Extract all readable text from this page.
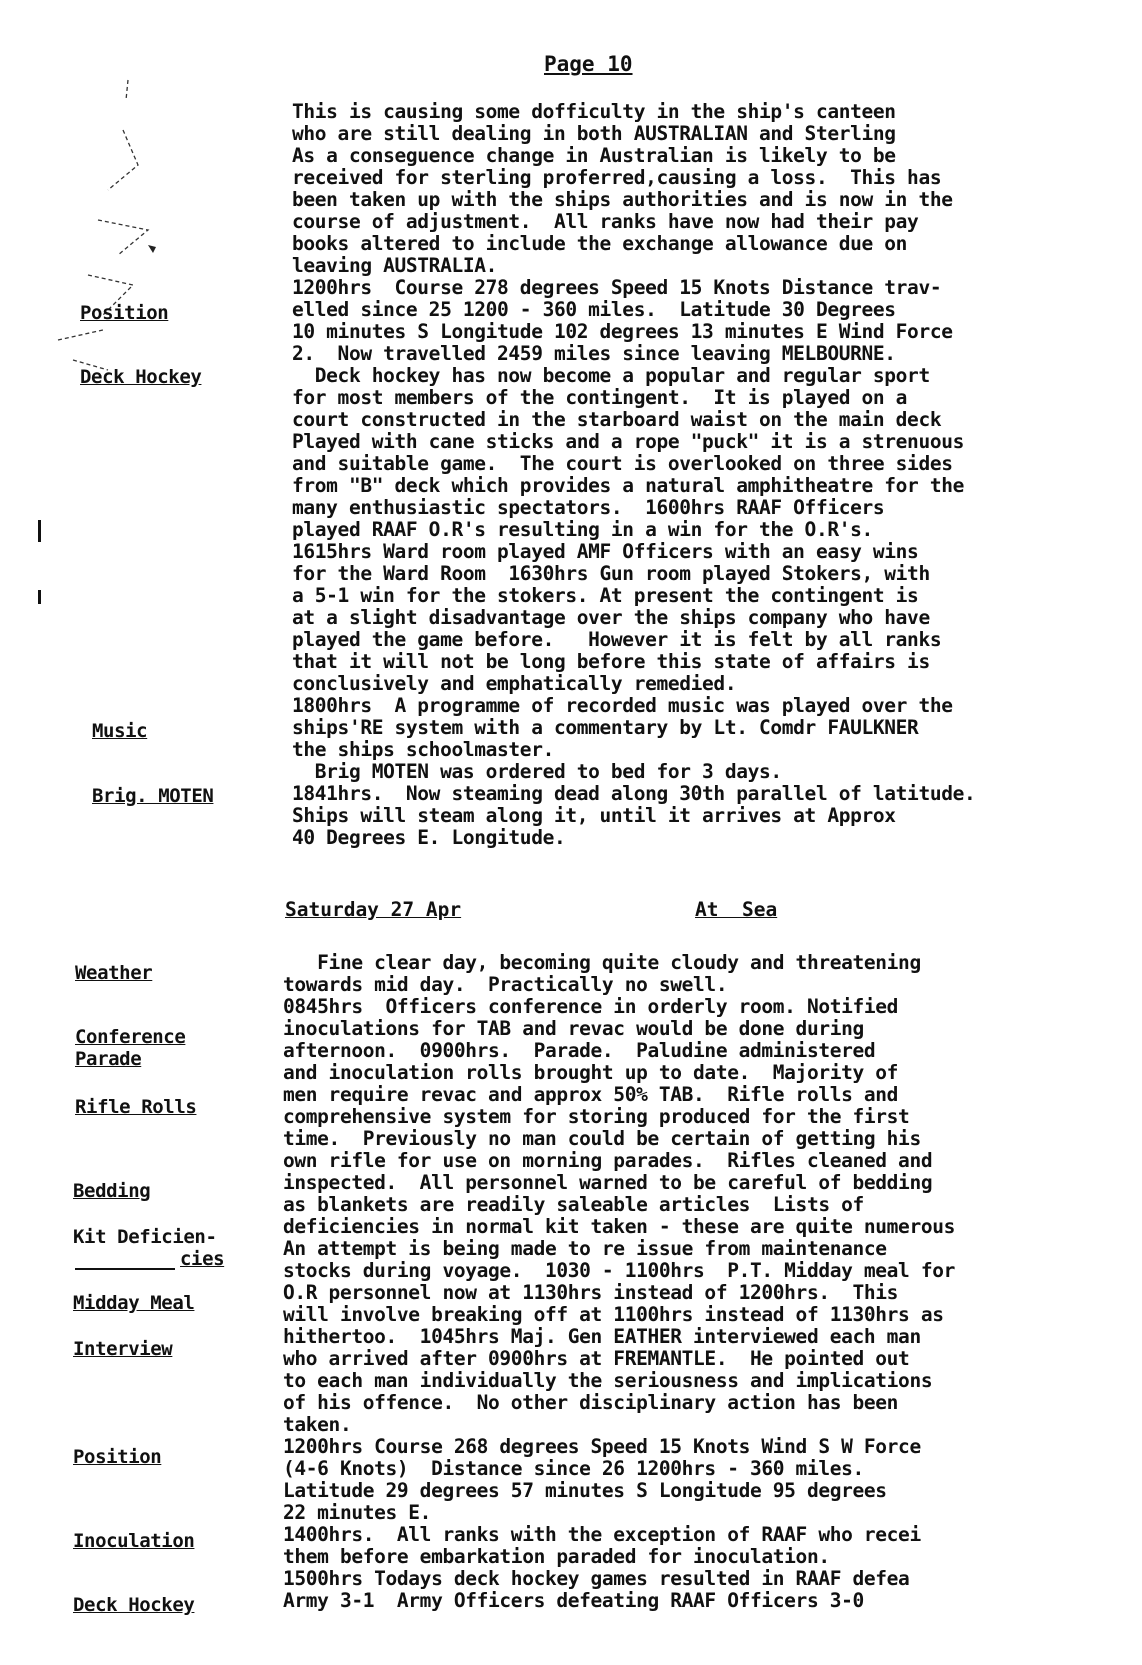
Page 10
This is causing some dofficulty in the ship's canteen
who are still dealing in both AUSTRALIAN and Sterling
As a conseguence change in Australian is likely to be
received for sterling proferred,causing a loss.  This has
been taken up with the ships authorities and is now in the
course of adjustment.  All ranks have now had their pay
books altered to include the exchange allowance due on
leaving AUSTRALIA.
1200hrs  Course 278 degrees Speed 15 Knots Distance trav-
elled since 25 1200 - 360 miles.  Latitude 30 Degrees
10 minutes S Longitude 102 degrees 13 minutes E Wind Force
2.  Now travelled 2459 miles since leaving MELBOURNE.
Deck hockey has now become a popular and regular sport
for most members of the contingent.  It is played on a
court constructed in the starboard waist on the main deck
Played with cane sticks and a rope "puck" it is a strenuous
and suitable game.  The court is overlooked on three sides
from "B" deck which provides a natural amphitheatre for the
many enthusiastic spectators.  1600hrs RAAF Officers
played RAAF O.R's resulting in a win for the O.R's.
1615hrs Ward room played AMF Officers with an easy wins
for the Ward Room  1630hrs Gun room played Stokers, with
a 5-1 win for the stokers. At present the contingent is
at a slight disadvantage over the ships company who have
played the game before.   However it is felt by all ranks
that it will not be long before this state of affairs is
conclusively and emphatically remedied.
1800hrs  A programme of recorded music was played over the
ships'RE system with a commentary by Lt. Comdr FAULKNER
the ships schoolmaster.
Brig MOTEN was ordered to bed for 3 days.
1841hrs.  Now steaming dead along 30th parallel of latitude.
Ships will steam along it, until it arrives at Approx
40 Degrees E. Longitude.
Position
Deck Hockey
Music
Brig. MOTEN
Saturday 27 Apr	At  Sea
Fine clear day, becoming quite cloudy and threatening
towards mid day.  Practically no swell.
0845hrs  Officers conference in orderly room. Notified
inoculations for TAB and revac would be done during
afternoon.  0900hrs.  Parade.  Paludine administered
and inoculation rolls brought up to date.  Majority of
men require revac and approx 50% TAB.  Rifle rolls and
comprehensive system for storing produced for the first
time.  Previously no man could be certain of getting his
own rifle for use on morning parades.  Rifles cleaned and
inspected.  All personnel warned to be careful of bedding
as blankets are readily saleable articles  Lists of
deficiencies in normal kit taken - these are quite numerous
An attempt is being made to re issue from maintenance
stocks during voyage.  1030 - 1100hrs  P.T. Midday meal for
O.R personnel now at 1130hrs instead of 1200hrs.  This
will involve breaking off at 1100hrs instead of 1130hrs as
hithertoo.  1045hrs Maj. Gen EATHER interviewed each man
who arrived after 0900hrs at FREMANTLE.  He pointed out
to each man individually the seriousness and implications
of his offence.  No other disciplinary action has been
taken.
1200hrs Course 268 degrees Speed 15 Knots Wind S W Force
(4-6 Knots)  Distance since 26 1200hrs - 360 miles.
Latitude 29 degrees 57 minutes S Longitude 95 degrees
22 minutes E.
1400hrs.  All ranks with the exception of RAAF who recei
them before embarkation paraded for inoculation.
1500hrs Todays deck hockey games resulted in RAAF defea
Army 3-1  Army Officers defeating RAAF Officers 3-0
Weather
Conference
Parade
Rifle Rolls
Bedding
Kit Deficien-
cies
Midday Meal
Interview
Position
Inoculation
Deck Hockey
